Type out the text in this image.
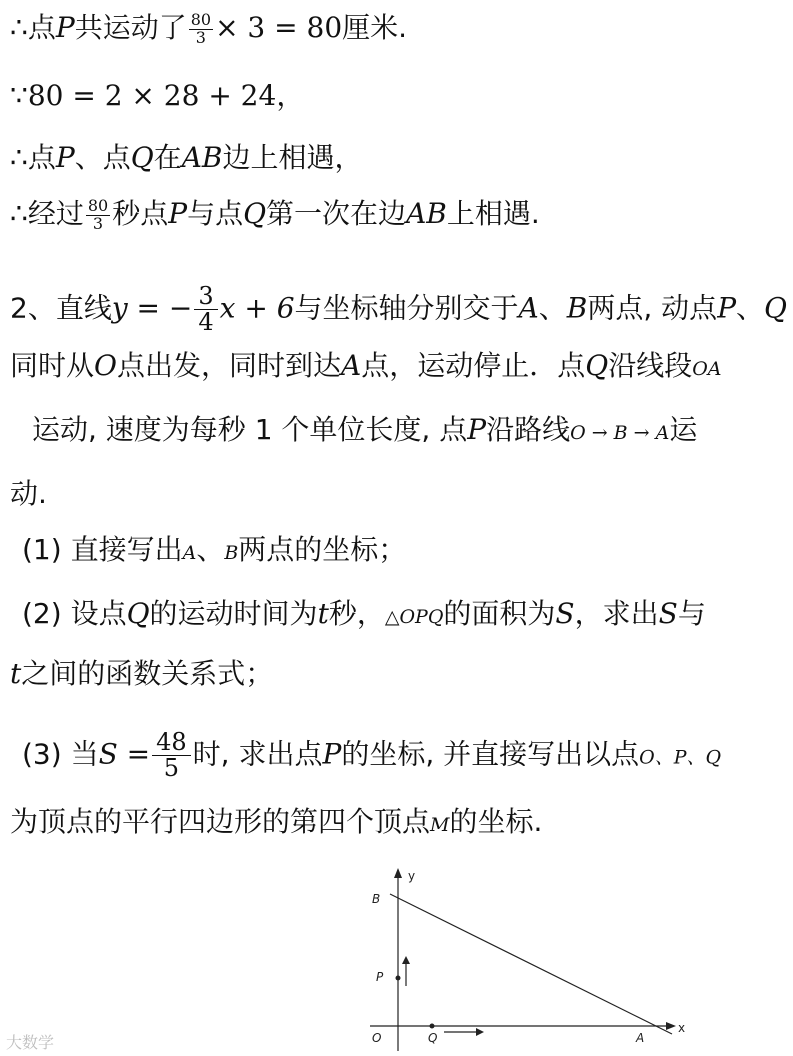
∴点P共运动了 $\frac{80}{3} \times 3 = 80$厘米.
∵80 = 2 × 28 + 24，
∴点P、点Q在AB边上相遇，
∴经过 $\frac{80}{3}$ 秒点P与点Q第一次在边AB上相遇.
2、直线y = − $\frac{3}{4}$ x + 6与坐标轴分别交于A、B两点, 动点P、Q
同时从O点出发，同时到达A点，运动停止．点Q沿线段OA
运动, 速度为每秒 1 个单位长度, 点P沿路线O → B → A运
动.
(1) 直接写出A、B两点的坐标；
(2) 设点Q的运动时间为t秒，△OPQ的面积为S，求出S与
t之间的函数关系式；
(3) 当$S = \frac{48}{5}$ 时, 求出点P的坐标, 并直接写出以点O、P、Q
为顶点的平行四边形的第四个顶点M的坐标.
y
x
B
P
O	Q	A
大数学
